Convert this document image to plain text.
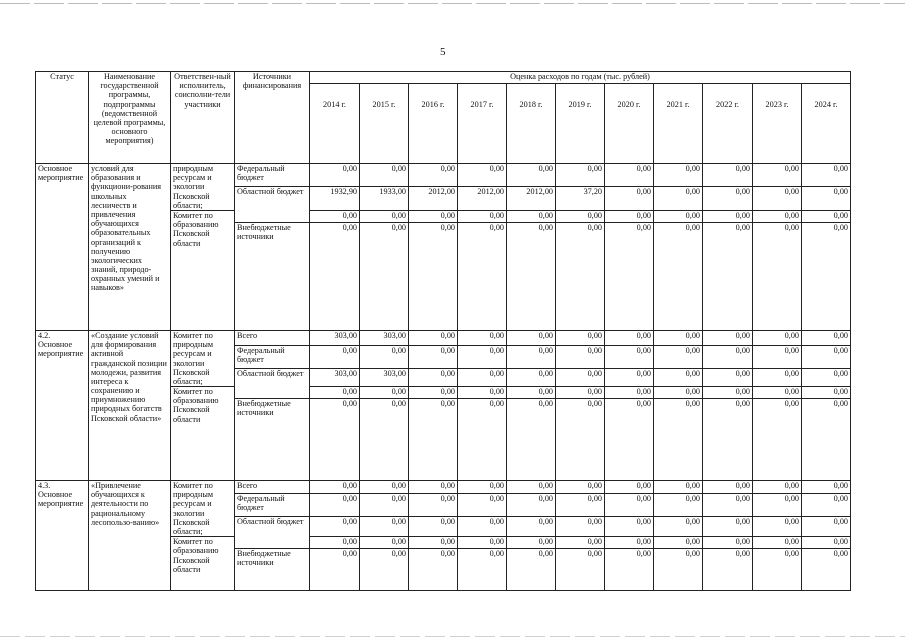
5
Статус	Наименование государственной программы, подпрограммы (ведомственной целевой программы, основного мероприятия)	Ответствен-ный исполнитель, соисполни-тели участники	Источники финансирования	Оценка расходов по годам (тыс. рублей)										
				2014 г.	2015 г.	2016 г.	2017 г.	2018 г.	2019 г.	2020 г.	2021 г.	2022 г.	2023 г.	2024 г.
Основное мероприятие	условий для образования и функциони-рования школьных лесничеств и привлечения обучающихся образовательных организаций к получению экологических знаний, природо-охранных умений и навыков»	природным ресурсам и экологии Псковской области;	Федеральный бюджет	0,00	0,00	0,00	0,00	0,00	0,00	0,00	0,00	0,00	0,00	0,00
			Областной бюджет	1932,90	1933,00	2012,00	2012,00	2012,00	37,20	0,00	0,00	0,00	0,00	0,00
		Комитет по образованию Псковской области		0,00	0,00	0,00	0,00	0,00	0,00	0,00	0,00	0,00	0,00	0,00
			Внебюджетные источники	0,00	0,00	0,00	0,00	0,00	0,00	0,00	0,00	0,00	0,00	0,00
4.2. Основное мероприятие	«Создание условий для формирования активной гражданской позиции молодежи, развития интереса к сохранению и приумножению природных богатств Псковской области»	Комитет по природным ресурсам и экологии Псковской области;	Всего	303,00	303,00	0,00	0,00	0,00	0,00	0,00	0,00	0,00	0,00	0,00
			Федеральный бюджет	0,00	0,00	0,00	0,00	0,00	0,00	0,00	0,00	0,00	0,00	0,00
			Областной бюджет	303,00	303,00	0,00	0,00	0,00	0,00	0,00	0,00	0,00	0,00	0,00
		Комитет по образованию Псковской области		0,00	0,00	0,00	0,00	0,00	0,00	0,00	0,00	0,00	0,00	0,00
			Внебюджетные источники	0,00	0,00	0,00	0,00	0,00	0,00	0,00	0,00	0,00	0,00	0,00
4.3. Основное мероприятие	«Привлечение обучающихся к деятельности по рациональному лесопользо-ванию»	Комитет по природным ресурсам и экологии Псковской области;	Всего	0,00	0,00	0,00	0,00	0,00	0,00	0,00	0,00	0,00	0,00	0,00
			Федеральный бюджет	0,00	0,00	0,00	0,00	0,00	0,00	0,00	0,00	0,00	0,00	0,00
			Областной бюджет	0,00	0,00	0,00	0,00	0,00	0,00	0,00	0,00	0,00	0,00	0,00
		Комитет по образованию Псковской области		0,00	0,00	0,00	0,00	0,00	0,00	0,00	0,00	0,00	0,00	0,00
			Внебюджетные источники	0,00	0,00	0,00	0,00	0,00	0,00	0,00	0,00	0,00	0,00	0,00
